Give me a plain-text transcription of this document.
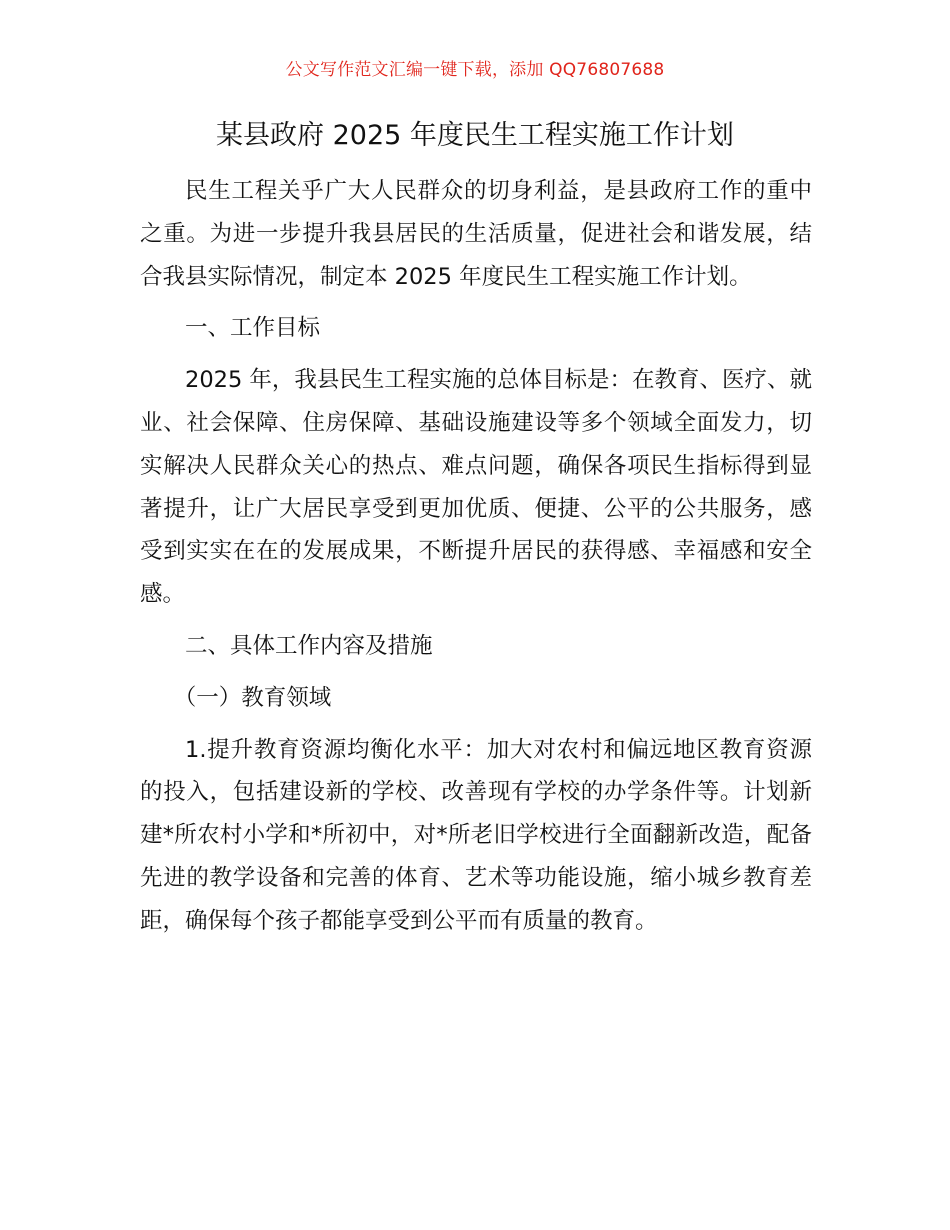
公文写作范文汇编一键下载，添加 QQ76807688
某县政府 2025 年度民生工程实施工作计划

民生工程关乎广大人民群众的切身利益，是县政府工作的重中之重。为进一步提升我县居民的生活质量，促进社会和谐发展，结合我县实际情况，制定本 2025 年度民生工程实施工作计划。

一、工作目标

2025 年，我县民生工程实施的总体目标是：在教育、医疗、就业、社会保障、住房保障、基础设施建设等多个领域全面发力，切实解决人民群众关心的热点、难点问题，确保各项民生指标得到显著提升，让广大居民享受到更加优质、便捷、公平的公共服务，感受到实实在在的发展成果，不断提升居民的获得感、幸福感和安全感。

二、具体工作内容及措施

（一）教育领域

1.提升教育资源均衡化水平：加大对农村和偏远地区教育资源的投入，包括建设新的学校、改善现有学校的办学条件等。计划新建*所农村小学和*所初中，对*所老旧学校进行全面翻新改造，配备先进的教学设备和完善的体育、艺术等功能设施，缩小城乡教育差距，确保每个孩子都能享受到公平而有质量的教育。
